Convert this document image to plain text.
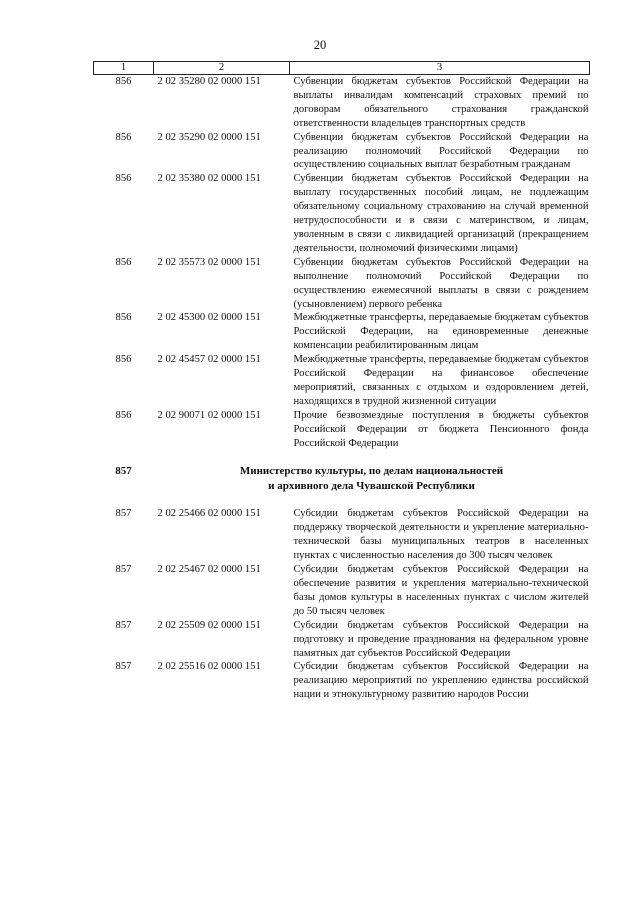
20
1	2	3
856	2 02 35280 02 0000 151	Субвенции бюджетам субъектов Российской Федерации на выплаты инвалидам компенсаций страховых премий по договорам обязательного страхования гражданской ответственности владельцев транспортных средств
856	2 02 35290 02 0000 151	Субвенции бюджетам субъектов Российской Федерации на реализацию полномочий Российской Федерации по осуществлению социальных выплат безработным гражданам
856	2 02 35380 02 0000 151	Субвенции бюджетам субъектов Российской Федерации на выплату государственных пособий лицам, не подлежащим обязательному социальному страхованию на случай временной нетрудоспособности и в связи с материнством, и лицам, уволенным в связи с ликвидацией организаций (прекращением деятельности, полномочий физическими лицами)
856	2 02 35573 02 0000 151	Субвенции бюджетам субъектов Российской Федерации на выполнение полномочий Российской Федерации по осуществлению ежемесячной выплаты в связи с рождением (усыновлением) первого ребенка
856	2 02 45300 02 0000 151	Межбюджетные трансферты, передаваемые бюджетам субъектов Российской Федерации, на единовременные денежные компенсации реабилитированным лицам
856	2 02 45457 02 0000 151	Межбюджетные трансферты, передаваемые бюджетам субъектов Российской Федерации на финансовое обеспечение мероприятий, связанных с отдыхом и оздоровлением детей, находящихся в трудной жизненной ситуации
856	2 02 90071 02 0000 151	Прочие безвозмездные поступления в бюджеты субъектов Российской Федерации от бюджета Пенсионного фонда Российской Федерации
857	Министерство культуры, по делам национальностей
и архивного дела Чувашской Республики	

857	2 02 25466 02 0000 151	Субсидии бюджетам субъектов Российской Федерации на поддержку творческой деятельности и укрепление материально-технической базы муниципальных театров в населенных пунктах с численностью населения до 300 тысяч человек
857	2 02 25467 02 0000 151	Субсидии бюджетам субъектов Российской Федерации на обеспечение развития и укрепления материально-технической базы домов культуры в населенных пунктах с числом жителей до 50 тысяч человек
857	2 02 25509 02 0000 151	Субсидии бюджетам субъектов Российской Федерации на подготовку и проведение празднования на федеральном уровне памятных дат субъектов Российской Федерации
857	2 02 25516 02 0000 151	Субсидии бюджетам субъектов Российской Федерации на реализацию мероприятий по укреплению единства российской нации и этнокультурному развитию народов России
